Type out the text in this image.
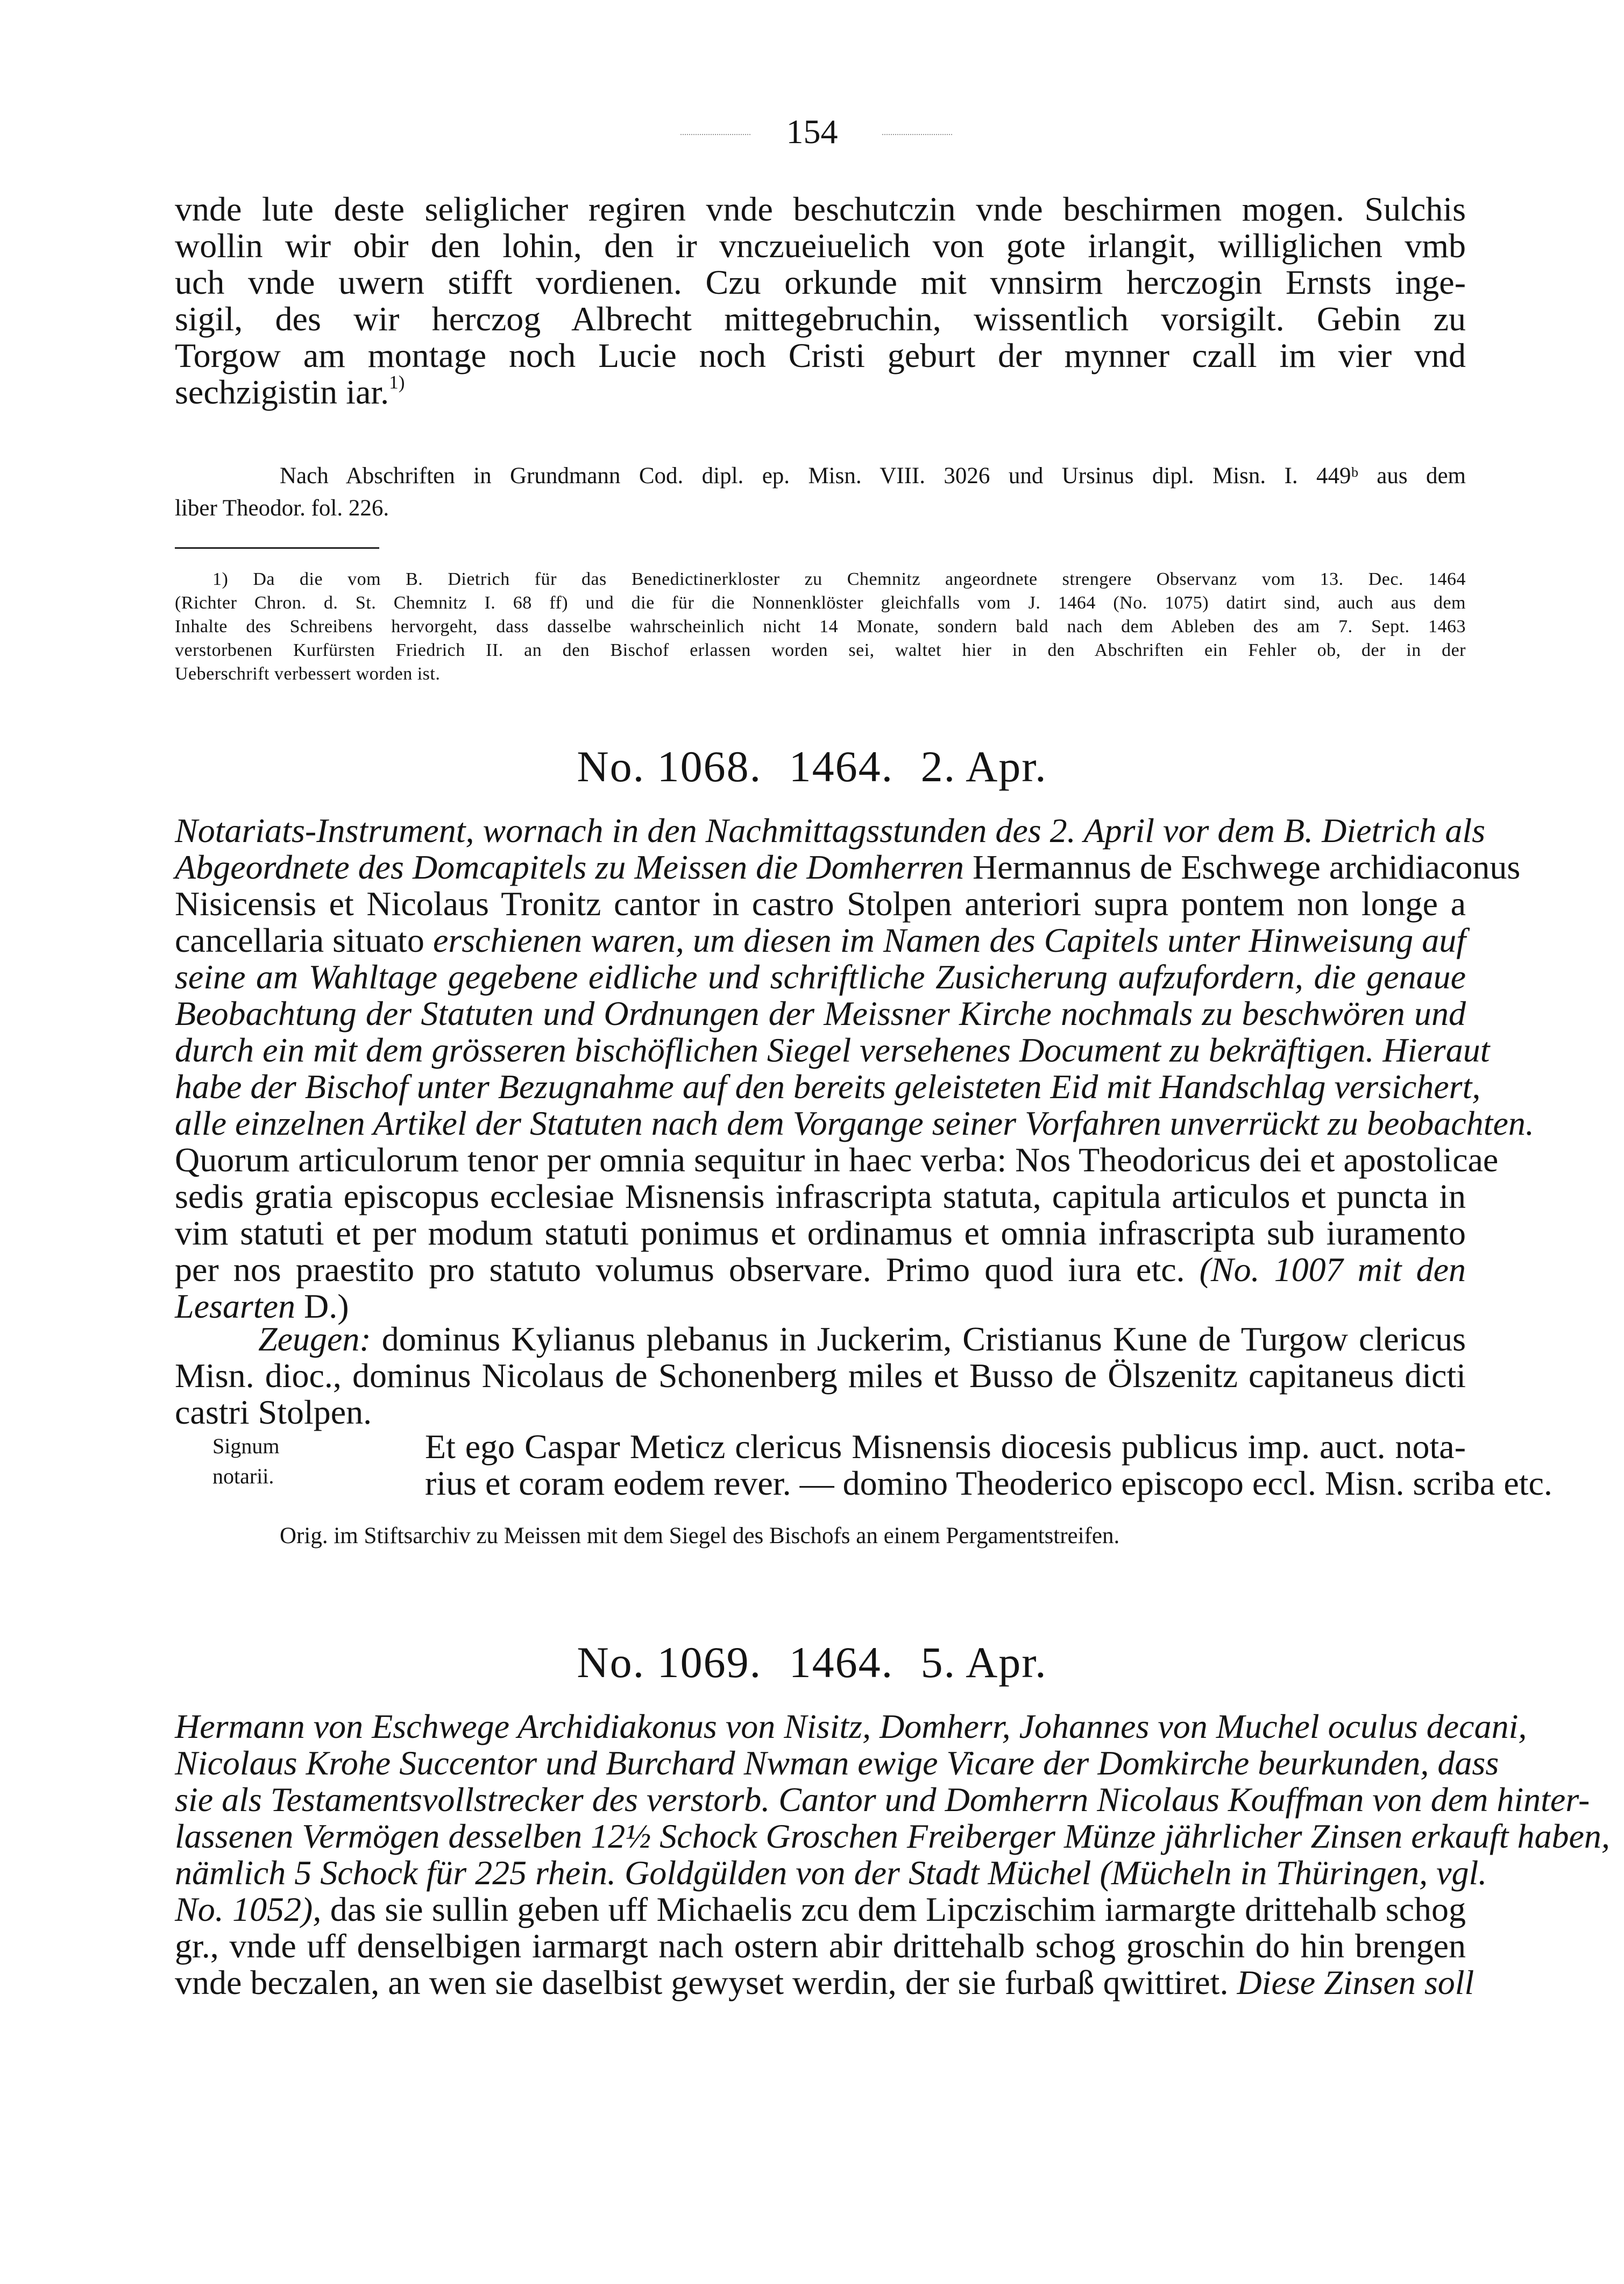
154

vnde lute deste seliglicher regiren vnde beschutczin vnde beschirmen mogen. Sulchis
wollin wir obir den lohin, den ir vnczueiuelich von gote irlangit, williglichen vmb
uch vnde uwern stifft vordienen. Czu orkunde mit vnnsirm herczogin Ernsts inge-
sigil, des wir herczog Albrecht mittegebruchin, wissentlich vorsigilt. Gebin zu
Torgow am montage noch Lucie noch Cristi geburt der mynner czall im vier vnd
sechzigistin iar.$^{1)}$

Nach Abschriften in Grundmann Cod. dipl. ep. Misn. VIII. 3026 und Ursinus dipl. Misn. I. 449ᵇ aus dem
liber Theodor. fol. 226.

1) Da die vom B. Dietrich für das Benedictinerkloster zu Chemnitz angeordnete strengere Observanz vom 13. Dec. 1464
(Richter Chron. d. St. Chemnitz I. 68 ff) und die für die Nonnenklöster gleichfalls vom J. 1464 (No. 1075) datirt sind, auch aus dem
Inhalte des Schreibens hervorgeht, dass dasselbe wahrscheinlich nicht 14 Monate, sondern bald nach dem Ableben des am 7. Sept. 1463
verstorbenen Kurfürsten Friedrich II. an den Bischof erlassen worden sei, waltet hier in den Abschriften ein Fehler ob, der in der
Ueberschrift verbessert worden ist.

No. 1068. 1464. 2. Apr.

Notariats-Instrument, wornach in den Nachmittagsstunden des 2. April vor dem B. Dietrich als
Abgeordnete des Domcapitels zu Meissen die Domherren Hermannus de Eschwege archidiaconus
Nisicensis et Nicolaus Tronitz cantor in castro Stolpen anteriori supra pontem non longe a
cancellaria situato erschienen waren, um diesen im Namen des Capitels unter Hinweisung auf
seine am Wahltage gegebene eidliche und schriftliche Zusicherung aufzufordern, die genaue
Beobachtung der Statuten und Ordnungen der Meissner Kirche nochmals zu beschwören und
durch ein mit dem grösseren bischöflichen Siegel versehenes Document zu bekräftigen. Hieraut
habe der Bischof unter Bezugnahme auf den bereits geleisteten Eid mit Handschlag versichert,
alle einzelnen Artikel der Statuten nach dem Vorgange seiner Vorfahren unverrückt zu beobachten.
Quorum articulorum tenor per omnia sequitur in haec verba: Nos Theodoricus dei et apostolicae
sedis gratia episcopus ecclesiae Misnensis infrascripta statuta, capitula articulos et puncta in
vim statuti et per modum statuti ponimus et ordinamus et omnia infrascripta sub iuramento
per nos praestito pro statuto volumus observare. Primo quod iura etc. (No. 1007 mit den
Lesarten D.)

Zeugen: dominus Kylianus plebanus in Juckerim, Cristianus Kune de Turgow clericus
Misn. dioc., dominus Nicolaus de Schonenberg miles et Busso de Ölszenitz capitaneus dicti
castri Stolpen.

Signum
notarii.

Et ego Caspar Meticz clericus Misnensis diocesis publicus imp. auct. nota-
rius et coram eodem rever. — domino Theoderico episcopo eccl. Misn. scriba etc.

Orig. im Stiftsarchiv zu Meissen mit dem Siegel des Bischofs an einem Pergamentstreifen.

No. 1069. 1464. 5. Apr.

Hermann von Eschwege Archidiakonus von Nisitz, Domherr, Johannes von Muchel oculus decani,
Nicolaus Krohe Succentor und Burchard Nwman ewige Vicare der Domkirche beurkunden, dass
sie als Testamentsvollstrecker des verstorb. Cantor und Domherrn Nicolaus Kouffman von dem hinter-
lassenen Vermögen desselben 12½ Schock Groschen Freiberger Münze jährlicher Zinsen erkauft haben,
nämlich 5 Schock für 225 rhein. Goldgülden von der Stadt Müchel (Mücheln in Thüringen, vgl.
No. 1052), das sie sullin geben uff Michaelis zcu dem Lipczischim iarmargte drittehalb schog
gr., vnde uff denselbigen iarmargt nach ostern abir drittehalb schog groschin do hin brengen
vnde beczalen, an wen sie daselbist gewyset werdin, der sie furbaß qwittiret. Diese Zinsen soll
